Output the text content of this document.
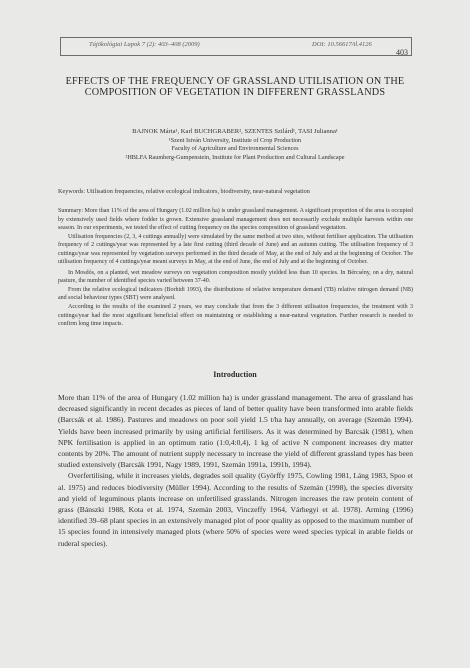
Tájökológiai Lapok 7 (2): 403–408 (2009)	DOI: 10.56617/tl.4126
403
EFFECTS OF THE FREQUENCY OF GRASSLAND UTILISATION ON THE COMPOSITION OF VEGETATION IN DIFFERENT GRASSLANDS
BAJNOK Márta¹, Karl BUCHGRABER², SZENTES Szilárd¹, TASI Julianna¹
¹Szent István University, Institute of Crop Production
Faculty of Agriculture and Environmental Sciences
²HBLFA Raumberg-Gumpenstein, Institute for Plant Production and Cultural Landscape
Keywords: Utilisation frequencies, relative ecological indicators, biodiversity, near-natural vegetation

Summary: More than 11% of the area of Hungary (1.02 million ha) is under grassland management. A significant proportion of the area is occupied by extensively used fields where fodder is grown. Extensive grassland management does not necessarily exclude multiple harvests within one season. In our experiments, we tested the effect of cutting frequency on the species composition of grassland vegetation.

Utilisation frequencies (2, 3, 4 cuttings annually) were simulated by the same method at two sites, without fertiliser application. The utilisation frequency of 2 cuttings/year was represented by a late first cutting (third decade of June) and an autumn cutting. The utilisation frequency of 3 cuttings/year was represented by vegetation surveys performed in the third decade of May, at the end of July and at the beginning of October. The utilisation frequency of 4 cuttings/year meant surveys in May, at the end of June, the end of July and at the beginning of October.

In Mosdós, on a planted, wet meadow surveys on vegetation composition mostly yielded less than 10 species. In Bércsény, on a dry, natural pasture, the number of identified species varied between 37-40.

From the relative ecological indicators (Borhidi 1993), the distributions of relative temperature demand (TB) relative nitrogen demand (NB) and social behaviour types (SBT) were analysed.

According to the results of the examined 2 years, we may conclude that from the 3 different utilisation frequencies, the treatment with 3 cuttings/year had the most significant beneficial effect on maintaining or establishing a near-natural vegetation. Further research is needed to confirm long time impacts.

Introduction

More than 11% of the area of Hungary (1.02 million ha) is under grassland management. The area of grassland has decreased significantly in recent decades as pieces of land of better quality have been transformed into arable fields (Barcsák et al. 1986). Pastures and meadows on poor soil yield 1.5 t/ha hay annually, on average (Szemán 1994). Yields have been increased primarily by using artificial fertilisers. As it was determined by Barcsák (1981), when NPK fertilisation is applied in an optimum ratio (1:0,4:0,4), 1 kg of active N component increases dry matter contents by 20%. The amount of nutrient supply necessary to increase the yield of different grassland types has been studied extensively (Barcsák 1991, Nagy 1989, 1991, Szemán 1991a, 1991b, 1994).

Overfertilising, while it increases yields, degrades soil quality (Györffy 1975, Cowling 1981, Láng 1983, Spoo et al. 1975) and reduces biodiversity (Müller 1994). According to the results of Szemán (1998), the species diversity and yield of leguminous plants increase on unfertilised grasslands. Nitrogen increases the raw protein content of grass (Bánszki 1988, Kota et al. 1974, Szemán 2003, Vinczeffy 1964, Várhegyi et al. 1978). Arming (1996) identified 39–68 plant species in an extensively managed plot of poor quality as opposed to the maximum number of 15 species found in intensively managed plots (where 50% of species were weed species typical in arable fields or ruderal species).
